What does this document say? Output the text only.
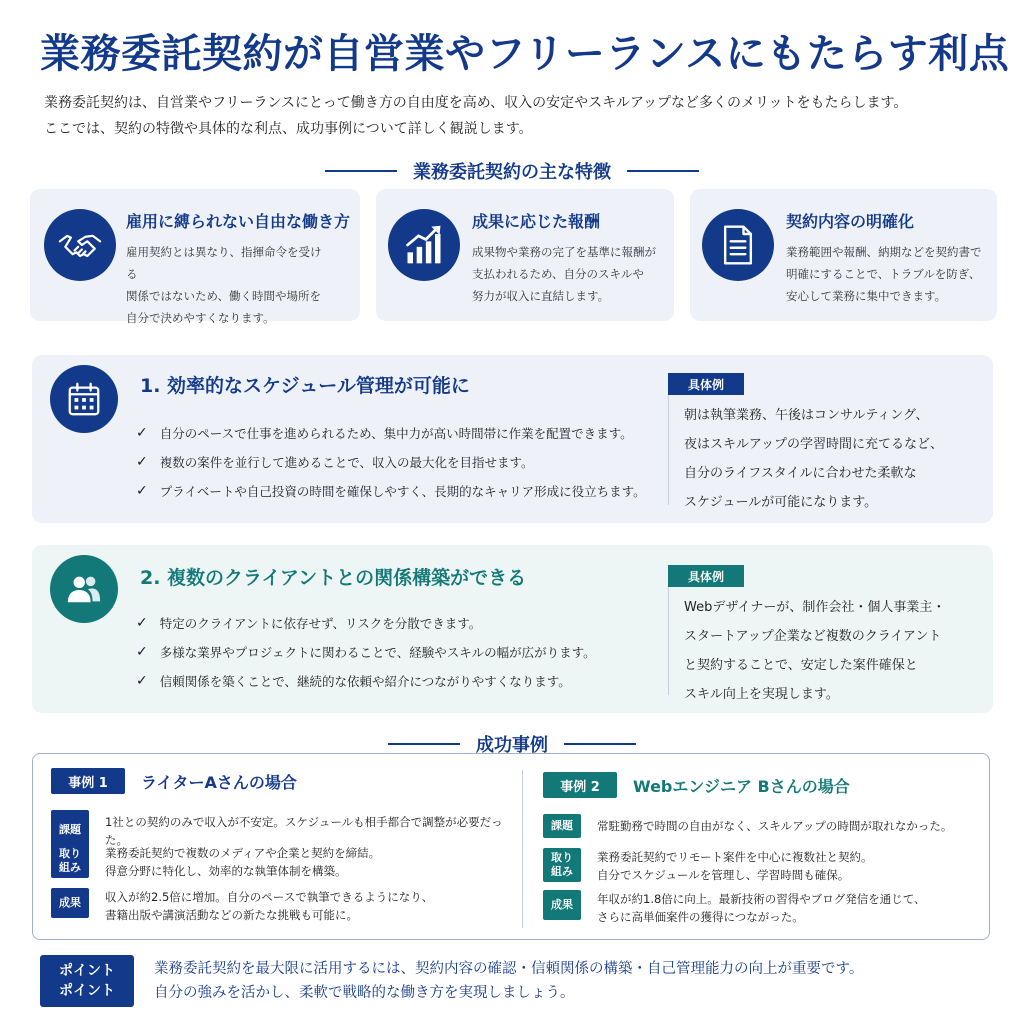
業務委託契約が自営業やフリーランスにもたらす利点
業務委託契約は、自営業やフリーランスにとって働き方の自由度を高め、収入の安定やスキルアップなど多くのメリットをもたらします。
ここでは、契約の特徴や具体的な利点、成功事例について詳しく観説します。
業務委託契約の主な特徴
雇用に縛られない自由な働き方
雇用契約とは異なり、指揮命令を受ける
関係ではないため、働く時間や場所を
自分で決めやすくなります。
成果に応じた報酬
成果物や業務の完了を基準に報酬が
支払われるため、自分のスキルや
努力が収入に直結します。
契約内容の明確化
業務範囲や報酬、納期などを契約書で
明確にすることで、トラブルを防ぎ、
安心して業務に集中できます。
1. 効率的なスケジュール管理が可能に
✓ 自分のペースで仕事を進められるため、集中力が高い時間帯に作業を配置できます。
✓ 複数の案件を並行して進めることで、収入の最大化を目指せます。
✓ プライベートや自己投資の時間を確保しやすく、長期的なキャリア形成に役立ちます。
具体例
朝は執筆業務、午後はコンサルティング、
夜はスキルアップの学習時間に充てるなど、
自分のライフスタイルに合わせた柔軟な
スケジュールが可能になります。
2. 複数のクライアントとの関係構築ができる
✓ 特定のクライアントに依存せず、リスクを分散できます。
✓ 多様な業界やプロジェクトに関わることで、経験やスキルの幅が広がります。
✓ 信頼関係を築くことで、継続的な依頼や紹介につながりやすくなります。
具体例
Webデザイナーが、制作会社・個人事業主・
スタートアップ企業など複数のクライアント
と契約することで、安定した案件確保と
スキル向上を実現します。
成功事例
事例 1	ライターAさんの場合
課題	1社との契約のみで収入が不安定。スケジュールも相手都合で調整が必要だった。
取り
組み
業務委託契約で複数のメディアや企業と契約を締結。
得意分野に特化し、効率的な執筆体制を構築。
成果	収入が約2.5倍に増加。自分のペースで執筆できるようになり、
書籍出版や講演活動などの新たな挑戦も可能に。
事例 2	Webエンジニア Bさんの場合
課題	常駐勤務で時間の自由がなく、スキルアップの時間が取れなかった。
取り
組み
業務委託契約でリモート案件を中心に複数社と契約。
自分でスケジュールを管理し、学習時間も確保。
成果	年収が約1.8倍に向上。最新技術の習得やブログ発信を通じて、
さらに高単価案件の獲得につながった。
ポイント
ポイント
業務委託契約を最大限に活用するには、契約内容の確認・信頼関係の構築・自己管理能力の向上が重要です。
自分の強みを活かし、柔軟で戦略的な働き方を実現しましょう。
